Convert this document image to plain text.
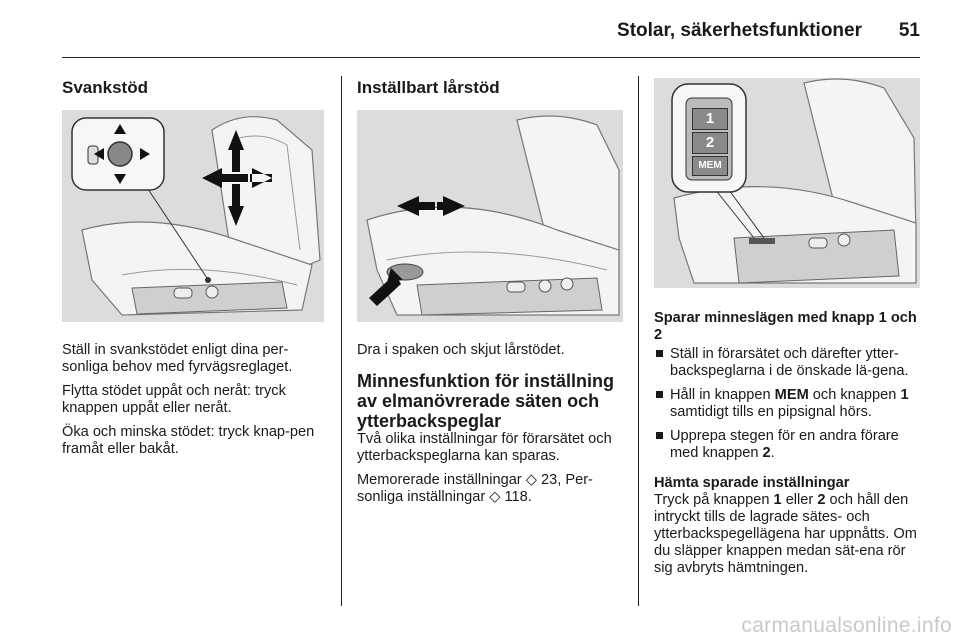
Stolar, säkerhetsfunktioner 51
Svankstöd

Ställ in svankstödet enligt dina per-sonliga behov med fyrvägsreglaget.

Flytta stödet uppåt och neråt: tryck knappen uppåt eller neråt.

Öka och minska stödet: tryck knap-pen framåt eller bakåt.

Inställbart lårstöd

Dra i spaken och skjut lårstödet.

Minnesfunktion för inställning av elmanövrerade säten och ytterbackspeglar

Två olika inställningar för förarsätet och ytterbackspeglarna kan sparas.

Memorerade inställningar ◇ 23, Per-sonliga inställningar ◇ 118.

1
2
MEM
Sparar minneslägen med knapp 1 och 2
Ställ in förarsätet och därefter ytter-backspeglarna i de önskade lä-gena.
Håll in knappen MEM och knappen 1 samtidigt tills en pipsignal hörs.
Upprepa stegen för en andra förare med knappen 2.
Hämta sparade inställningar

Tryck på knappen 1 eller 2 och håll den intryckt tills de lagrade sätes- och ytterbackspegellägena har uppnåtts. Om du släpper knappen medan sät-ena rör sig avbryts hämtningen.

carmanualsonline.info
